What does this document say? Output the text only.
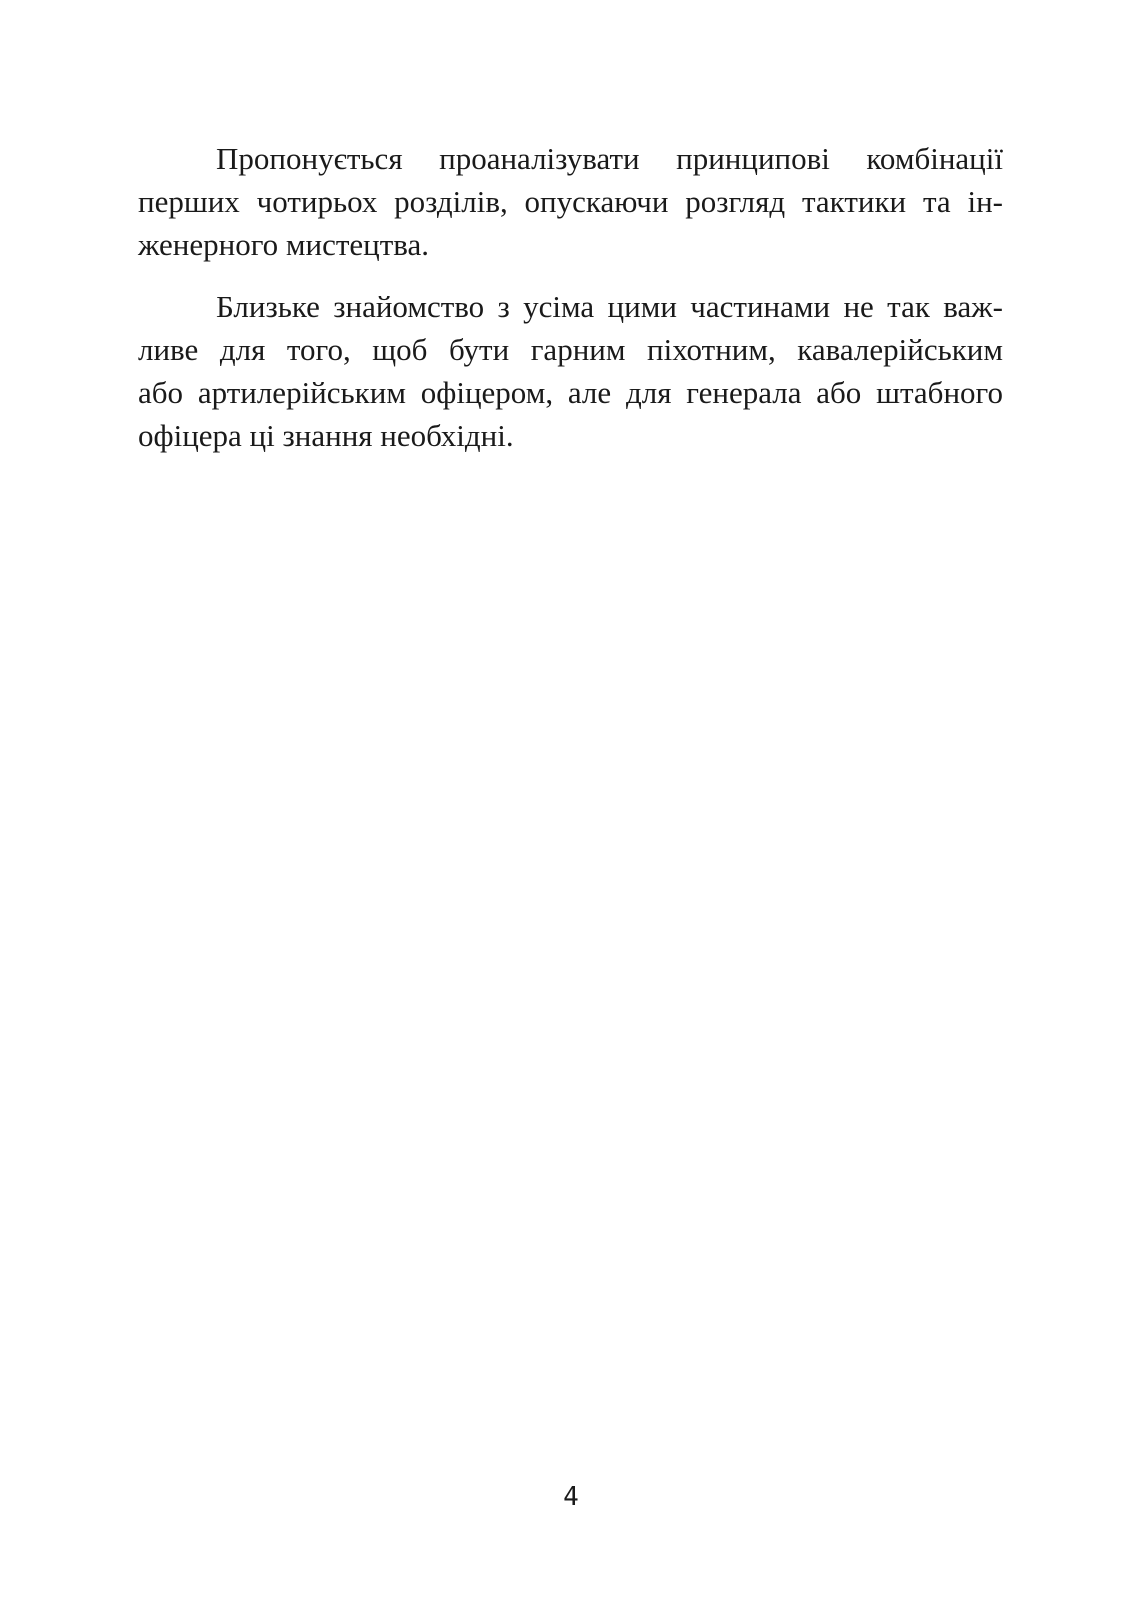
Пропонується проаналізувати принципові комбінації
перших чотирьох розділів, опускаючи розгляд тактики та ін-
женерного мистецтва.
Близьке знайомство з усіма цими частинами не так важ-
ливе для того, щоб бути гарним піхотним, кавалерійським
або артилерійським офіцером, але для генерала або штабного
офіцера ці знання необхідні.
4
